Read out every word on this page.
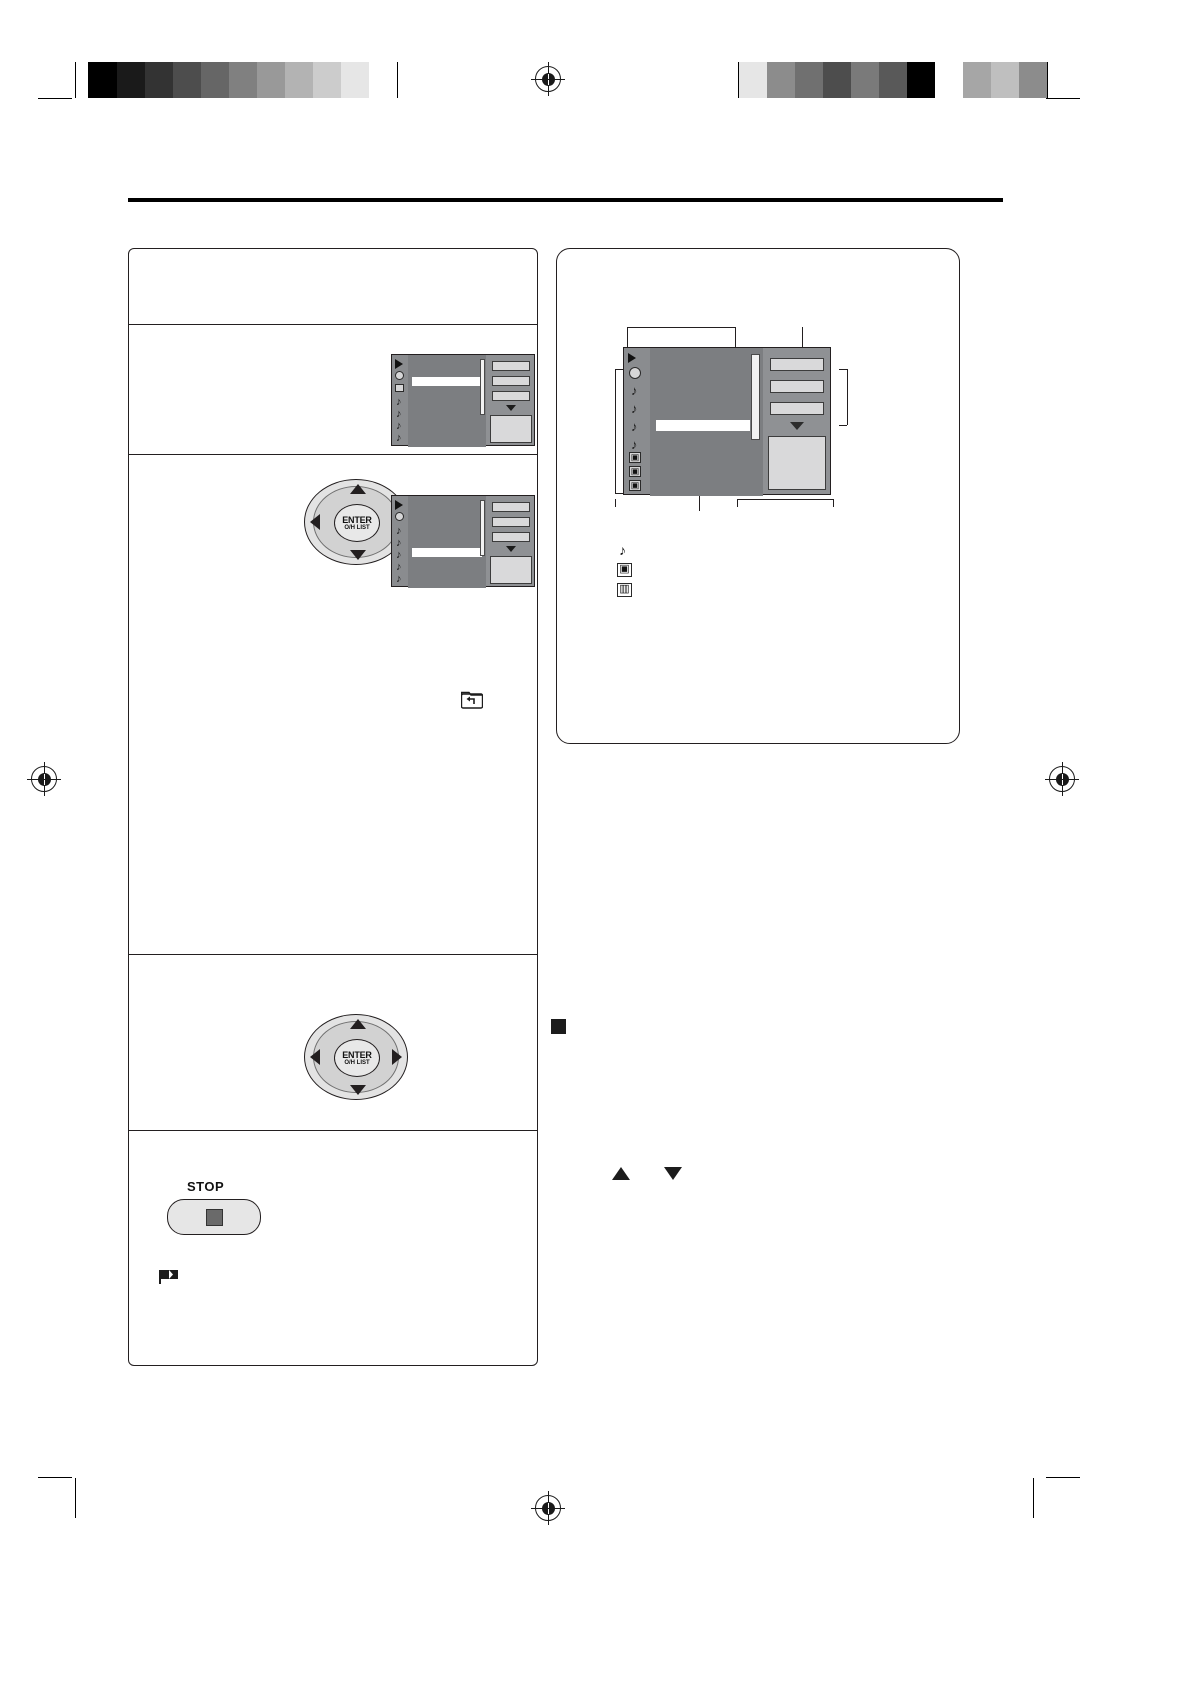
♪
♪
♪
♪
ENTER
O/H LIST ♪
♪
♪
♪
♪
ENTER
O/H LIST
STOP
♪
♪
♪
♪
▣
▣
▣
♪
▣
▥
